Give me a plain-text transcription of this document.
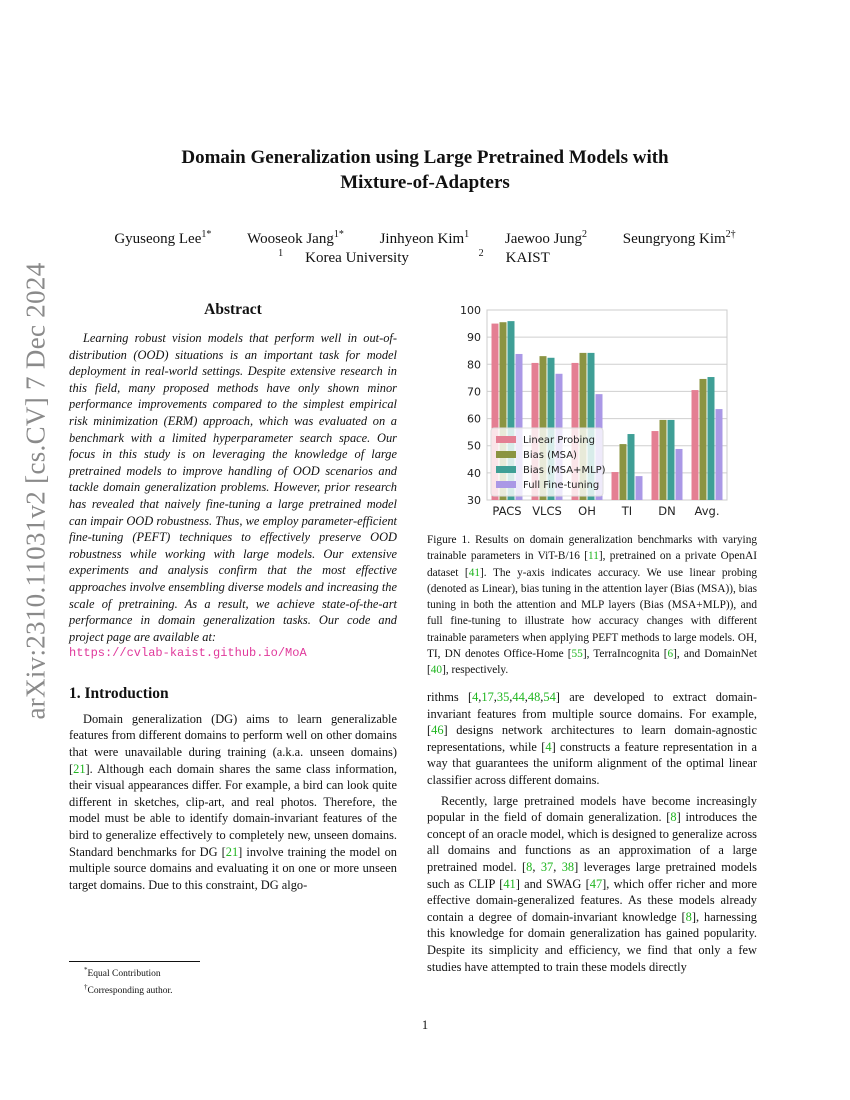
Domain Generalization using Large Pretrained Models with
Mixture-of-Adapters
Gyuseong Lee$^{1*}$ Wooseok Jang$^{1*}$ Jinhyeon Kim$^1$ Jaewoo Jung$^2$ Seungryong Kim$^{2\dagger}$
$^1$ Korea University	$^2$ KAIST
arXiv:2310.11031v2 [cs.CV] 7 Dec 2024	Abstract

Learning robust vision models that perform well in out-of-distribution (OOD) situations is an important task for model deployment in real-world settings. Despite extensive research in this field, many proposed methods have only shown minor performance improvements compared to the simplest empirical risk minimization (ERM) approach, which was evaluated on a benchmark with a limited hyperparameter search space. Our focus in this study is on leveraging the knowledge of large pretrained models to improve handling of OOD scenarios and tackle domain generalization problems. However, prior research has revealed that naively fine-tuning a large pretrained model can impair OOD robustness. Thus, we employ parameter-efficient fine-tuning (PEFT) techniques to effectively preserve OOD robustness while working with large models. Our extensive experiments and analysis confirm that the most effective approaches involve ensembling diverse models and increasing the scale of pretraining. As a result, we achieve state-of-the-art performance in domain generalization tasks. Our code and project page are available at:
https://cvlab-kaist.github.io/MoA

1. Introduction

Domain generalization (DG) aims to learn generalizable features from different domains to perform well on other domains that were unavailable during training (a.k.a. unseen domains) [21]. Although each domain shares the same class information, their visual appearances differ. For example, a bird can look quite different in sketches, clip-art, and real photos. Therefore, the model must be able to identify domain-invariant features of the bird to generalize effectively to completely new, unseen domains. Standard benchmarks for DG [21] involve training the model on multiple source domains and evaluating it on one or more unseen target domains. Due to this constraint, DG algo-

30
40
50
60
70
80
90
100
PACS VLCS OH TI DN Avg.
Linear Probing
Bias (MSA)
Bias (MSA+MLP)
Full Fine-tuning
Figure 1. Results on domain generalization benchmarks with varying trainable parameters in ViT-B/16 [11], pretrained on a private OpenAI dataset [41]. The y-axis indicates accuracy. We use linear probing (denoted as Linear), bias tuning in the attention layer (Bias (MSA)), bias tuning in both the attention and MLP layers (Bias (MSA+MLP)), and full fine-tuning to illustrate how accuracy changes with different trainable parameters when applying PEFT methods to large models. OH, TI, DN denotes Office-Home [55], TerraIncognita [6], and DomainNet [40], respectively.

rithms [4,17,35,44,48,54] are developed to extract domain-invariant features from multiple source domains. For example, [46] designs network architectures to learn domain-agnostic representations, while [4] constructs a feature representation in a way that guarantees the uniform alignment of the optimal linear classifier across different domains.

Recently, large pretrained models have become increasingly popular in the field of domain generalization. [8] introduces the concept of an oracle model, which is designed to generalize across all domains and functions as an approximation of a large pretrained model. [8, 37, 38] leverages large pretrained models such as CLIP [41] and SWAG [47], which offer richer and more effective domain-generalized features. As these models already contain a degree of domain-invariant knowledge [8], harnessing this knowledge for domain generalization has gained popularity. Despite its simplicity and efficiency, we find that only a few studies have attempted to train these models directly

*Equal Contribution
†Corresponding author.
1
